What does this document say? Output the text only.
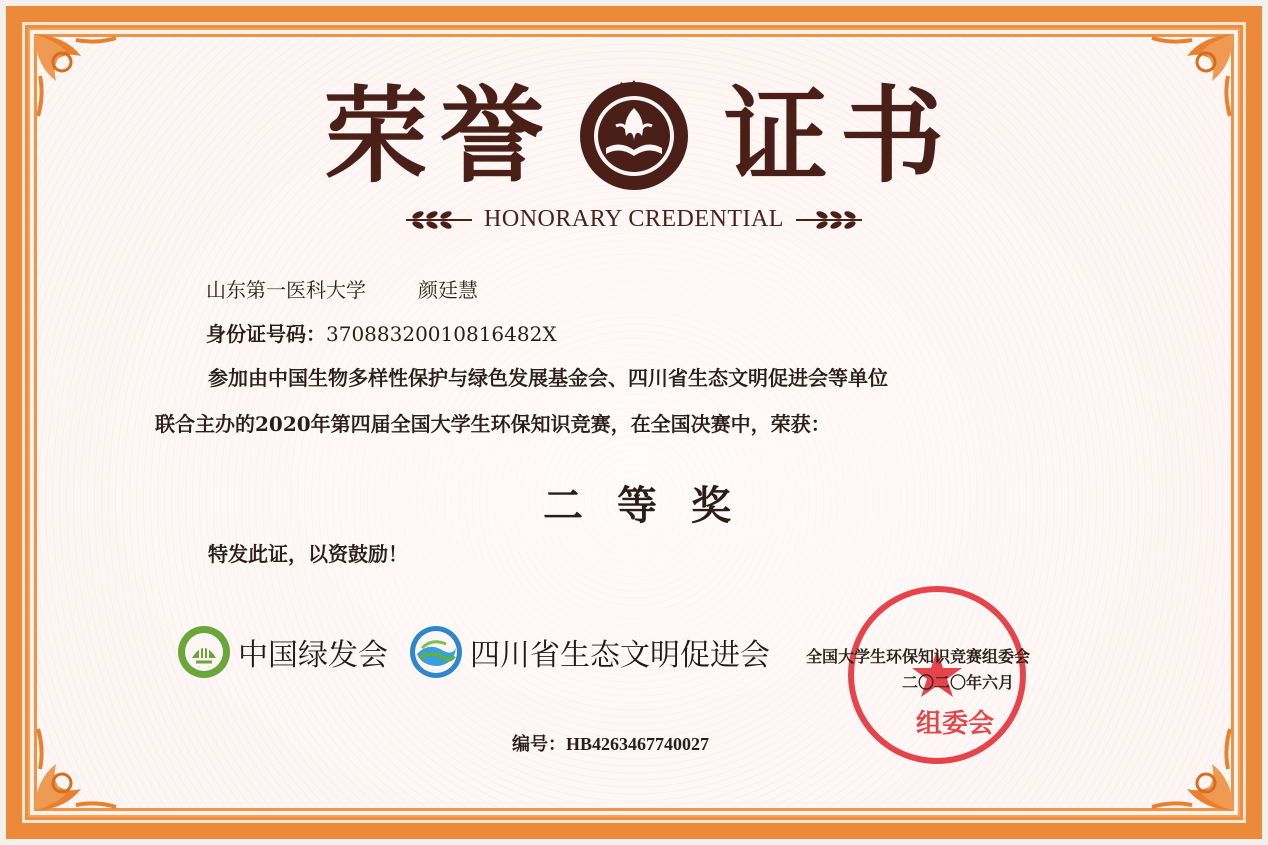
荣 誉 证 书
HONORARY CREDENTIAL
山东第一医科大学	颜廷慧
身份证号码：37088320010816482X
参加由中国生物多样性保护与绿色发展基金会、四川省生态文明促进会等单位
联合主办的2020年第四届全国大学生环保知识竞赛，在全国决赛中，荣获：
二等奖
特发此证，以资鼓励！
中国绿发会	四川省生态文明促进会
组委会
全国大学生环保知识竞赛组委会
二〇二〇年六月
编号：HB4263467740027
